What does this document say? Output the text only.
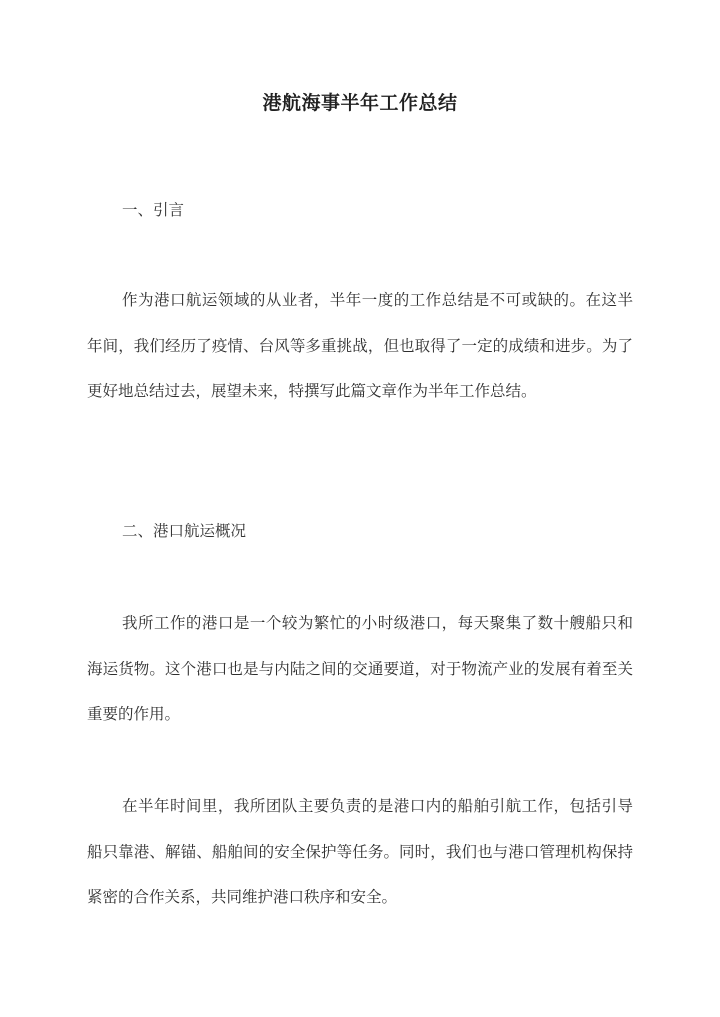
港航海事半年工作总结
一、引言

作为港口航运领域的从业者，半年一度的工作总结是不可或缺的。在这半年间，我们经历了疫情、台风等多重挑战，但也取得了一定的成绩和进步。为了更好地总结过去，展望未来，特撰写此篇文章作为半年工作总结。

二、港口航运概况

我所工作的港口是一个较为繁忙的小时级港口，每天聚集了数十艘船只和海运货物。这个港口也是与内陆之间的交通要道，对于物流产业的发展有着至关重要的作用。

在半年时间里，我所团队主要负责的是港口内的船舶引航工作，包括引导船只靠港、解锚、船舶间的安全保护等任务。同时，我们也与港口管理机构保持紧密的合作关系，共同维护港口秩序和安全。
